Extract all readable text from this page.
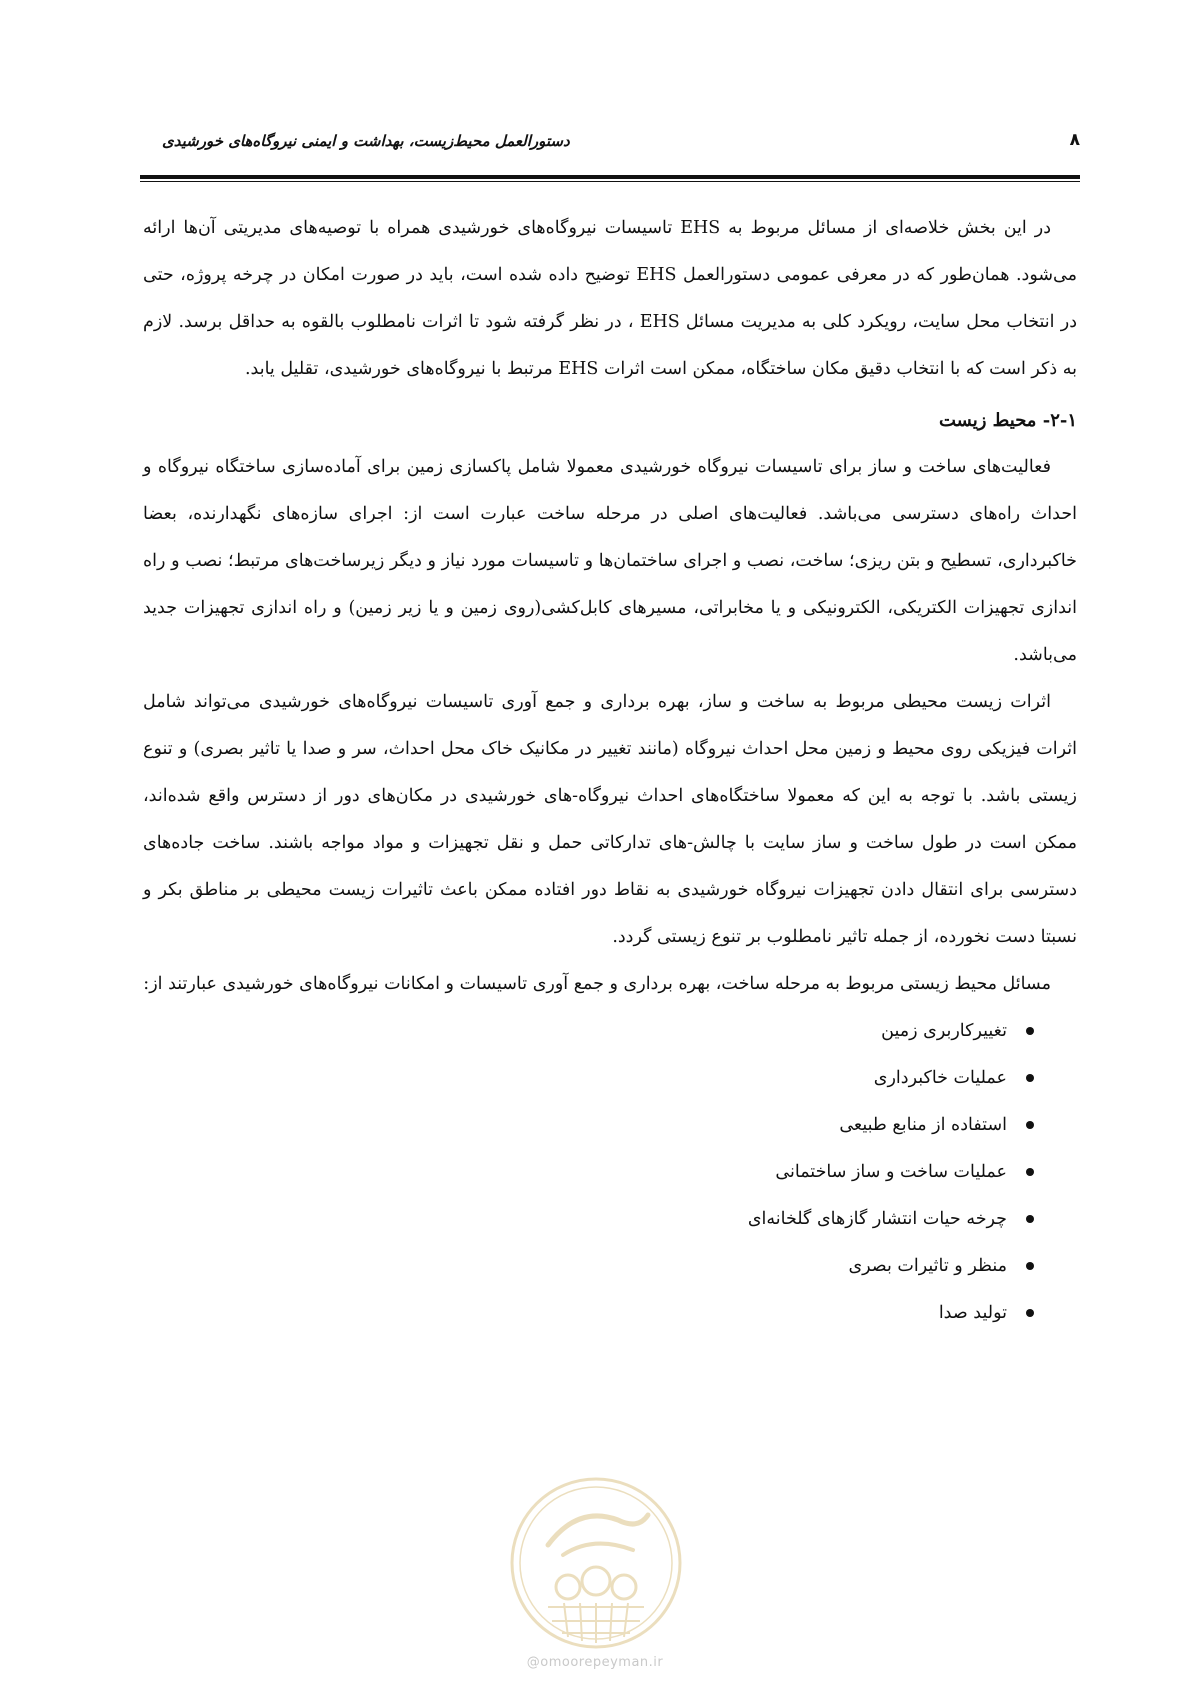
دستورالعمل محیط‌زیست، بهداشت و ایمنی نیروگاه‌های خورشیدی	۸

در این بخش خلاصه‌ای از مسائل مربوط به EHS تاسیسات نیروگاه‌های خورشیدی همراه با توصیه‌های مدیریتی آن‌ها ارائه می‌شود. همان‌طور که در معرفی عمومی دستورالعمل EHS توضیح داده شده است، باید در صورت امکان در چرخه پروژه، حتی در انتخاب محل سایت، رویکرد کلی به مدیریت مسائل EHS ، در نظر گرفته شود تا اثرات نامطلوب بالقوه به حداقل برسد. لازم به ذکر است که با انتخاب دقیق مکان ساختگاه، ممکن است اثرات EHS مرتبط با نیروگاه‌های خورشیدی، تقلیل یابد.

۲-۱- محیط زیست

فعالیت‌های ساخت و ساز برای تاسیسات نیروگاه خورشیدی معمولا شامل پاکسازی زمین برای آماده‌سازی ساختگاه نیروگاه و احداث راه‌های دسترسی می‌باشد. فعالیت‌های اصلی در مرحله ساخت عبارت است از: اجرای سازه‌های نگهدارنده، بعضا خاکبرداری، تسطیح و بتن ریزی؛ ساخت، نصب و اجرای ساختمان‌ها و تاسیسات مورد نیاز و دیگر زیرساخت‌های مرتبط؛ نصب و راه اندازی تجهیزات الکتریکی، الکترونیکی و یا مخابراتی، مسیرهای کابل‌کشی(روی زمین و یا زیر زمین) و راه اندازی تجهیزات جدید می‌باشد.

اثرات زیست محیطی مربوط به ساخت و ساز، بهره برداری و جمع آوری تاسیسات نیروگاه‌های خورشیدی می‌تواند شامل اثرات فیزیکی روی محیط و زمین محل احداث نیروگاه (مانند تغییر در مکانیک خاک محل احداث، سر و صدا یا تاثیر بصری) و تنوع زیستی باشد. با توجه به این که معمولا ساختگاه‌های احداث نیروگاه-های خورشیدی در مکان‌های دور از دسترس واقع شده‌اند، ممکن است در طول ساخت و ساز سایت با چالش-های تدارکاتی حمل و نقل تجهیزات و مواد مواجه باشند. ساخت جاده‌های دسترسی برای انتقال دادن تجهیزات نیروگاه خورشیدی به نقاط دور افتاده ممکن باعث تاثیرات زیست محیطی بر مناطق بکر و نسبتا دست نخورده، از جمله تاثیر نامطلوب بر تنوع زیستی گردد.

مسائل محیط زیستی مربوط به مرحله ساخت، بهره برداری و جمع آوری تاسیسات و امکانات نیروگاه‌های خورشیدی عبارتند از:

تغییرکاربری زمین
عملیات خاکبرداری
استفاده از منابع طبیعی
عملیات ساخت و ساز ساختمانی
چرخه حیات انتشار گازهای گلخانه‌ای
منظر و تاثیرات بصری
تولید صدا
@omoorepeyman.ir
